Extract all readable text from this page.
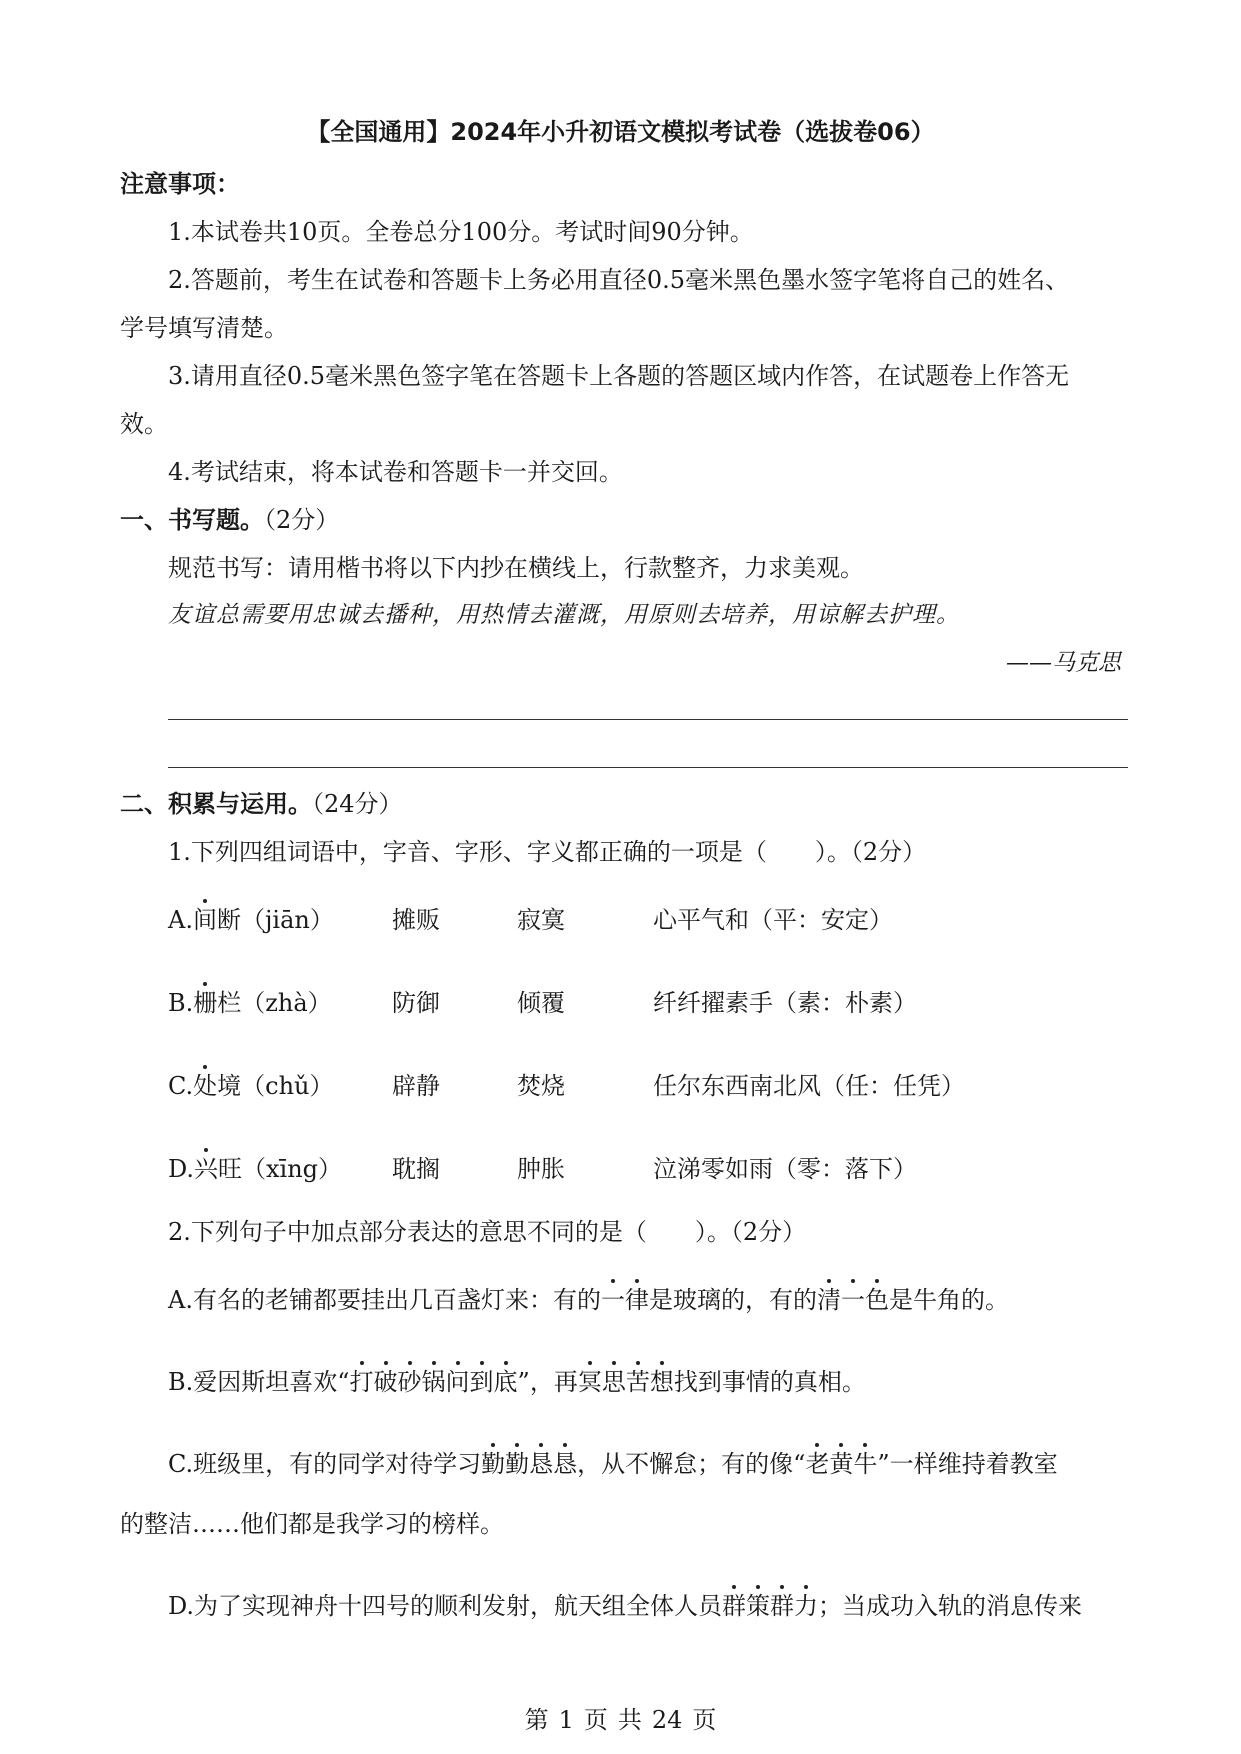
【全国通用】2024年小升初语文模拟考试卷（选拔卷06）
注意事项：
1.本试卷共10页。全卷总分100分。考试时间90分钟。
2.答题前，考生在试卷和答题卡上务必用直径0.5毫米黑色墨水签字笔将自己的姓名、
学号填写清楚。
3.请用直径0.5毫米黑色签字笔在答题卡上各题的答题区域内作答，在试题卷上作答无
效。
4.考试结束，将本试卷和答题卡一并交回。
一、书写题。（2分）
规范书写：请用楷书将以下内抄在横线上，行款整齐，力求美观。
友谊总需要用忠诚去播种，用热情去灌溉，用原则去培养，用谅解去护理。
——马克思
二、积累与运用。（24分）
1.下列四组词语中，字音、字形、字义都正确的一项是（　　）。（2分）
A.间断（jiān） 摊贩	寂寞	心平气和（平：安定）
B.栅栏（zhà）	防御	倾覆	纤纤擢素手（素：朴素）
C.处境（chǔ） 辟静	焚烧	任尔东西南北风（任：任凭）
D.兴旺（xīng） 耽搁	肿胀	泣涕零如雨（零：落下）
2.下列句子中加点部分表达的意思不同的是（　　）。（2分）
A.有名的老铺都要挂出几百盏灯来：有的一律是玻璃的，有的清一色是牛角的。
B.爱因斯坦喜欢“打破砂锅问到底”，再冥思苦想找到事情的真相。
C.班级里，有的同学对待学习勤勤恳恳，从不懈怠；有的像“老黄牛”一样维持着教室
的整洁……他们都是我学习的榜样。
D.为了实现神舟十四号的顺利发射，航天组全体人员群策群力；当成功入轨的消息传来
第 1 页 共 24 页
